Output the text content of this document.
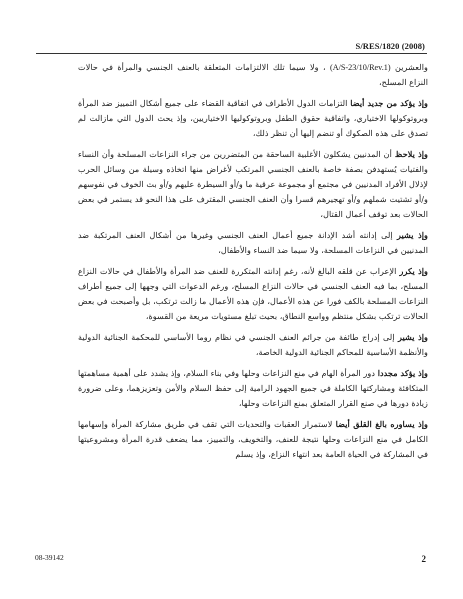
S/RES/1820 (2008)

والعشرين (A/S-23/10/Rev.1) ، ولا سيما تلك الالتزامات المتعلقة بالعنف الجنسي والمرأة في حالات النزاع المسلح،

وإذ يؤكد من جديد أيضا التزامات الدول الأطراف في اتفاقية القضاء على جميع أشكال التمييز ضد المرأة وبروتوكولها الاختياري، واتفاقية حقوق الطفل وبروتوكوليها الاختياريين، وإذ يحث الدول التي مازالت لم تصدق على هذه الصكوك أو تنضم إليها أن تنظر ذلك،

وإذ يلاحظ أن المدنيين يشكلون الأغلبية الساحقة من المتضررين من جراء النزاعات المسلحة وأن النساء والفتيات يُستهدفن بصفة خاصة بالعنف الجنسي المرتكب لأغراض منها اتخاذه وسيلة من وسائل الحرب لإذلال الأفراد المدنيين في مجتمع أو مجموعة عرقية ما و/أو السيطرة عليهم و/أو بث الخوف في نفوسهم و/أو تشتيت شملهم و/أو تهجيرهم قسرا وأن العنف الجنسي المقترف على هذا النحو قد يستمر في بعض الحالات بعد توقف أعمال القتال،

وإذ يشير إلى إدانته أشد الإدانة جميع أعمال العنف الجنسي وغيرها من أشكال العنف المرتكبة ضد المدنيين في النزاعات المسلحة، ولا سيما ضد النساء والأطفال،

وإذ يكرر الإعراب عن قلقه البالغ لأنه، رغم إدانته المتكررة للعنف ضد المرأة والأطفال في حالات النزاع المسلح، بما فيه العنف الجنسي في حالات النزاع المسلح، ورغم الدعوات التي وجهها إلى جميع أطراف النزاعات المسلحة بالكف فورا عن هذه الأعمال، فإن هذه الأعمال ما زالت ترتكب، بل وأصبحت في بعض الحالات ترتكب بشكل منتظم وواسع النطاق، بحيث تبلغ مستويات مريعة من القسوة،

وإذ يشير إلى إدراج طائفة من جرائم العنف الجنسي في نظام روما الأساسي للمحكمة الجنائية الدولية والأنظمة الأساسية للمحاكم الجنائية الدولية الخاصة،

وإذ يؤكد مجددا دور المرأة الهام في منع النزاعات وحلها وفي بناء السلام، وإذ يشدد على أهمية مساهمتها المتكافئة ومشاركتها الكاملة في جميع الجهود الرامية إلى حفظ السلام والأمن وتعزيزهما، وعلى ضرورة زيادة دورها في صنع القرار المتعلق بمنع النزاعات وحلها،

وإذ يساوره بالغ القلق أيضا لاستمرار العقبات والتحديات التي تقف في طريق مشاركة المرأة وإسهامها الكامل في منع النزاعات وحلها نتيجة للعنف، والتخويف، والتمييز، مما يضعف قدرة المرأة ومشروعيتها في المشاركة في الحياة العامة بعد انتهاء النزاع، وإذ يسلم

08-39142	2
